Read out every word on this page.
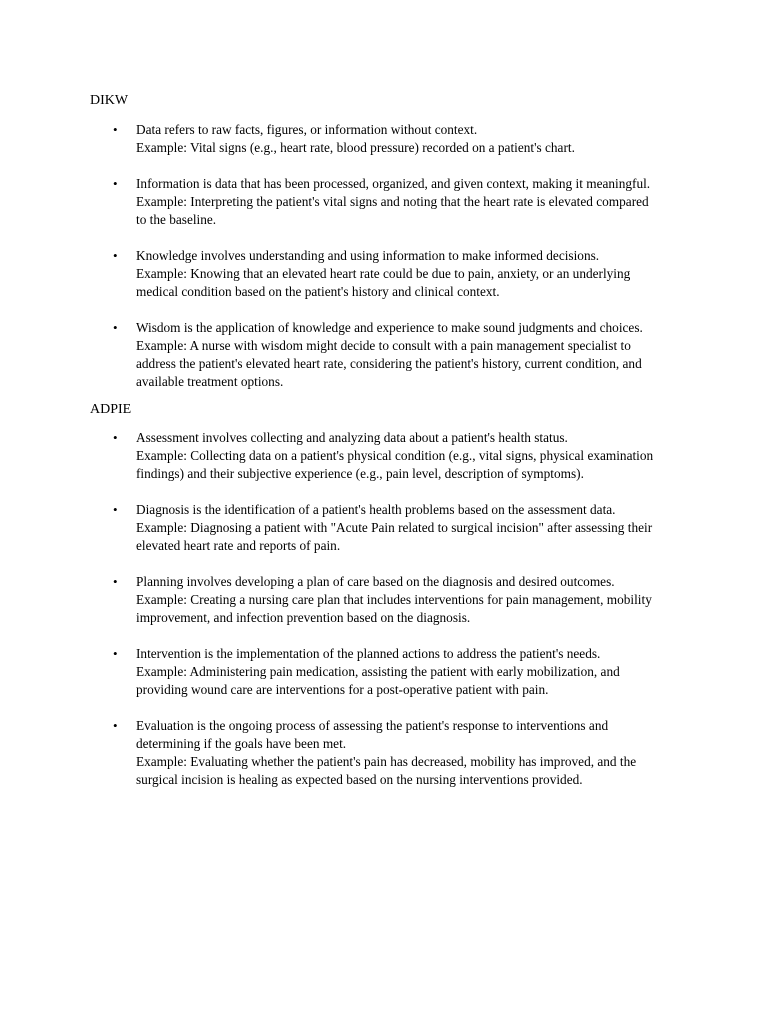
DIKW
• Data refers to raw facts, figures, or information without context.
Example: Vital signs (e.g., heart rate, blood pressure) recorded on a patient's chart.
• Information is data that has been processed, organized, and given context, making it meaningful.
Example: Interpreting the patient's vital signs and noting that the heart rate is elevated compared
to the baseline.
• Knowledge involves understanding and using information to make informed decisions.
Example: Knowing that an elevated heart rate could be due to pain, anxiety, or an underlying
medical condition based on the patient's history and clinical context.
• Wisdom is the application of knowledge and experience to make sound judgments and choices.
Example: A nurse with wisdom might decide to consult with a pain management specialist to
address the patient's elevated heart rate, considering the patient's history, current condition, and
available treatment options.
ADPIE
• Assessment involves collecting and analyzing data about a patient's health status.
Example: Collecting data on a patient's physical condition (e.g., vital signs, physical examination
findings) and their subjective experience (e.g., pain level, description of symptoms).
• Diagnosis is the identification of a patient's health problems based on the assessment data.
Example: Diagnosing a patient with "Acute Pain related to surgical incision" after assessing their
elevated heart rate and reports of pain.
• Planning involves developing a plan of care based on the diagnosis and desired outcomes.
Example: Creating a nursing care plan that includes interventions for pain management, mobility
improvement, and infection prevention based on the diagnosis.
• Intervention is the implementation of the planned actions to address the patient's needs.
Example: Administering pain medication, assisting the patient with early mobilization, and
providing wound care are interventions for a post-operative patient with pain.
• Evaluation is the ongoing process of assessing the patient's response to interventions and
determining if the goals have been met.
Example: Evaluating whether the patient's pain has decreased, mobility has improved, and the
surgical incision is healing as expected based on the nursing interventions provided.
